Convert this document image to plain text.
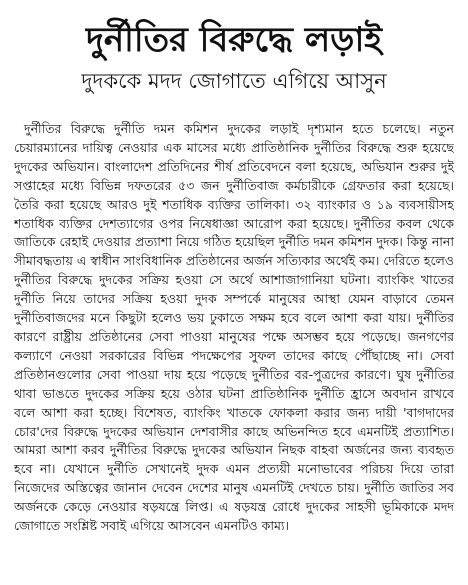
দুর্নীতির বিরুদ্ধে লড়াই
দুদককে মদদ জোগাতে এগিয়ে আসুন
দুর্নীতির বিরুদ্ধে দুর্নীতি দমন কমিশন দুদকের লড়াই দৃশ্যমান হতে চলেছে। নতুন চেয়ারম্যানের দায়িত্ব নেওয়ার এক মাসের মধ্যে প্রাতিষ্ঠানিক দুর্নীতির বিরুদ্ধে শুরু হয়েছে দুদকের অভিযান। বাংলাদেশ প্রতিদিনের শীর্ষ প্রতিবেদনে বলা হয়েছে, অভিযান শুরুর দুই সপ্তাহের মধ্যে বিভিন্ন দফতরের ৫৩ জন দুর্নীতিবাজ কর্মচারীকে গ্রেফতার করা হয়েছে। তৈরি করা হয়েছে আরও দুই শতাধিক ব্যক্তির তালিকা। ৩২ ব্যাংকার ও ১৯ ব্যবসায়ীসহ শতাধিক ব্যক্তির দেশত্যাগের ওপর নিষেধাজ্ঞা আরোপ করা হয়েছে। দুর্নীতির কবল থেকে জাতিকে রেহাই দেওয়ার প্রত্যাশা নিয়ে গঠিত হয়েছিল দুর্নীতি দমন কমিশন দুদক। কিন্তু নানা সীমাবদ্ধতায় এ স্বাধীন সাংবিধানিক প্রতিষ্ঠানের অর্জন সত্যিকার অর্থেই কম। দেরিতে হলেও দুর্নীতির বিরুদ্ধে দুদকের সক্রিয় হওয়া সে অর্থে আশাজাগানিয়া ঘটনা। ব্যাংকিং খাতের দুর্নীতি নিয়ে তাদের সক্রিয় হওয়া দুদক সম্পর্কে মানুষের আস্থা যেমন বাড়াবে তেমন দুর্নীতিবাজদের মনে কিছুটা হলেও ভয় ঢুকাতে সক্ষম হবে বলে আশা করা যায়। দুর্নীতির কারণে রাষ্ট্রীয় প্রতিষ্ঠানের সেবা পাওয়া মানুষের পক্ষে অসম্ভব হয়ে পড়েছে। জনগণের কল্যাণে নেওয়া সরকারের বিভিন্ন পদক্ষেপের সুফল তাদের কাছে পৌঁছাচ্ছে না। সেবা প্রতিষ্ঠানগুলোর সেবা পাওয়া দায় হয়ে পড়েছে দুর্নীতির বর-পুত্রদের কারণে। ঘুষ দুর্নীতির থাবা ভাঙতে দুদকের সক্রিয় হয়ে ওঠার ঘটনা প্রাতিষ্ঠানিক দুর্নীতি হ্রাসে অবদান রাখবে বলে আশা করা হচ্ছে। বিশেষত, ব্যাংকিং খাতকে ফোকলা করার জন্য দায়ী 'বাগদাদের চোর'দের বিরুদ্ধে দুদকের অভিযান দেশবাসীর কাছে অভিনন্দিত হবে এমনটিই প্রত্যাশিত। আমরা আশা করব দুর্নীতির বিরুদ্ধে দুদকের অভিযান নিছক বাহবা অর্জনের জন্য ব্যবহৃত হবে না। যেখানে দুর্নীতি সেখানেই দুদক এমন প্রত্যয়ী মনোভাবের পরিচয় দিয়ে তারা নিজেদের অস্তিত্বের জানান দেবেন দেশের মানুষ এমনটিই দেখতে চায়। দুর্নীতি জাতির সব অর্জনকে কেড়ে নেওয়ার ষড়যন্ত্রে লিপ্ত। এ ষড়যন্ত্র রোধে দুদকের সাহসী ভূমিকাকে মদদ জোগাতে সংশ্লিষ্ট সবাই এগিয়ে আসবেন এমনটিও কাম্য।
